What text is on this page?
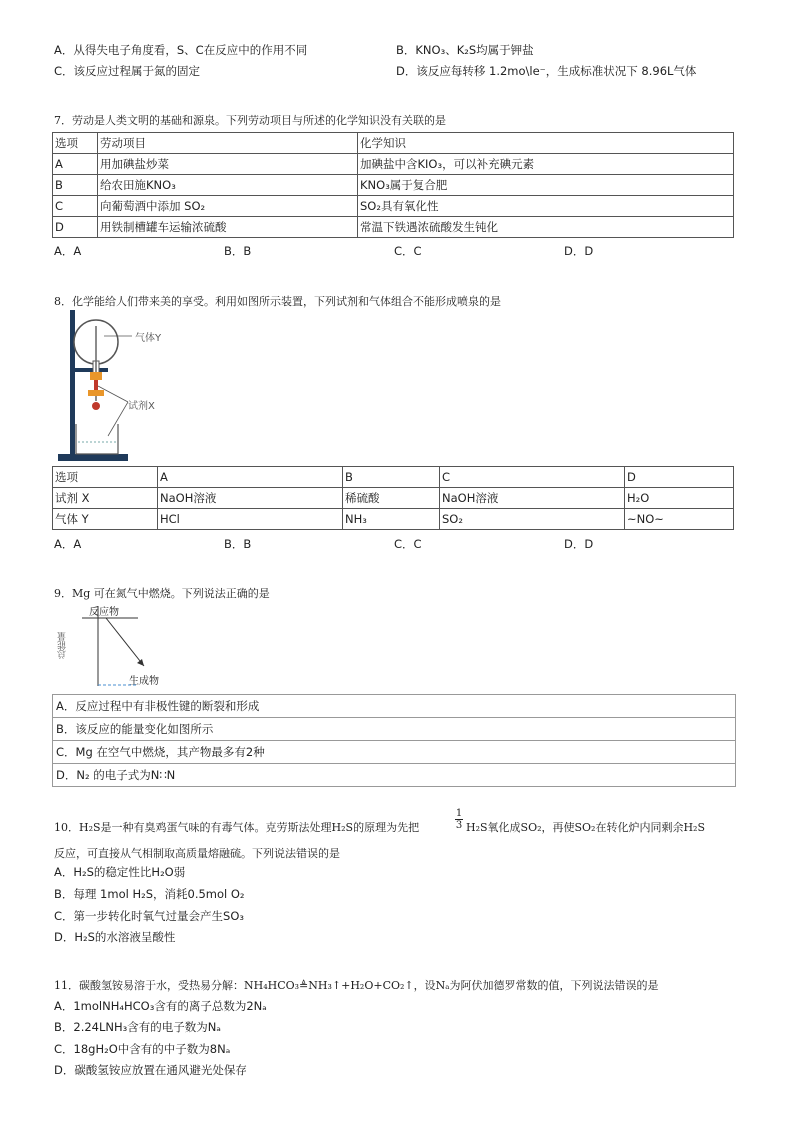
A．从得失电子角度看，S、C在反应中的作用不同	B．KNO₃、K₂S均属于钾盐
C．该反应过程属于氮的固定	D．该反应每转移 1.2mo\le⁻，生成标准状况下 8.96L气体
7．劳动是人类文明的基础和源泉。下列劳动项目与所述的化学知识没有关联的是
选项	劳动项目	化学知识
A	用加碘盐炒菜	加碘盐中含KIO₃，可以补充碘元素
B	给农田施KNO₃	KNO₃属于复合肥
C	向葡萄酒中添加 SO₂	SO₂具有氧化性
D	用铁制槽罐车运输浓硫酸	常温下铁遇浓硫酸发生钝化
A．A	B．B	C．C	D．D
8．化学能给人们带来美的享受。利用如图所示装置，下列试剂和气体组合不能形成喷泉的是
气体Y
试剂X
选项	A	B	C	D
试剂 X	NaOH溶液	稀硫酸	NaOH溶液	H₂O
气体 Y	HCl	NH₃	SO₂	~NO~
A．A	B．B	C．C	D．D
9．Mg 可在氮气中燃烧。下列说法正确的是
反应物
生成物
总能量
A．反应过程中有非极性键的断裂和形成
B．该反应的能量变化如图所示
C．Mg 在空气中燃烧，其产物最多有2种
D．N₂ 的电子式为N∷N
10．H₂S是一种有臭鸡蛋气味的有毒气体。克劳斯法处理H₂S的原理为先把	$\frac{1}{3} H_2S$氧化成SO₂，再使SO₂在转化炉内同剩余H₂S
反应，可直接从气相制取高质量熔融硫。下列说法错误的是
A．H₂S的稳定性比H₂O弱
B．每理 1mol H₂S，消耗0.5mol O₂
C．第一步转化时氧气过量会产生SO₃
D．H₂S的水溶液呈酸性
11．碳酸氢铵易溶于水，受热易分解：NH₄HCO₃≜NH₃↑+H₂O+CO₂↑，设Nₐ为阿伏加德罗常数的值，下列说法错误的是
A．1molNH₄HCO₃含有的离子总数为2Nₐ
B．2.24LNH₃含有的电子数为Nₐ
C．18gH₂O中含有的中子数为8Nₐ
D．碳酸氢铵应放置在通风避光处保存
